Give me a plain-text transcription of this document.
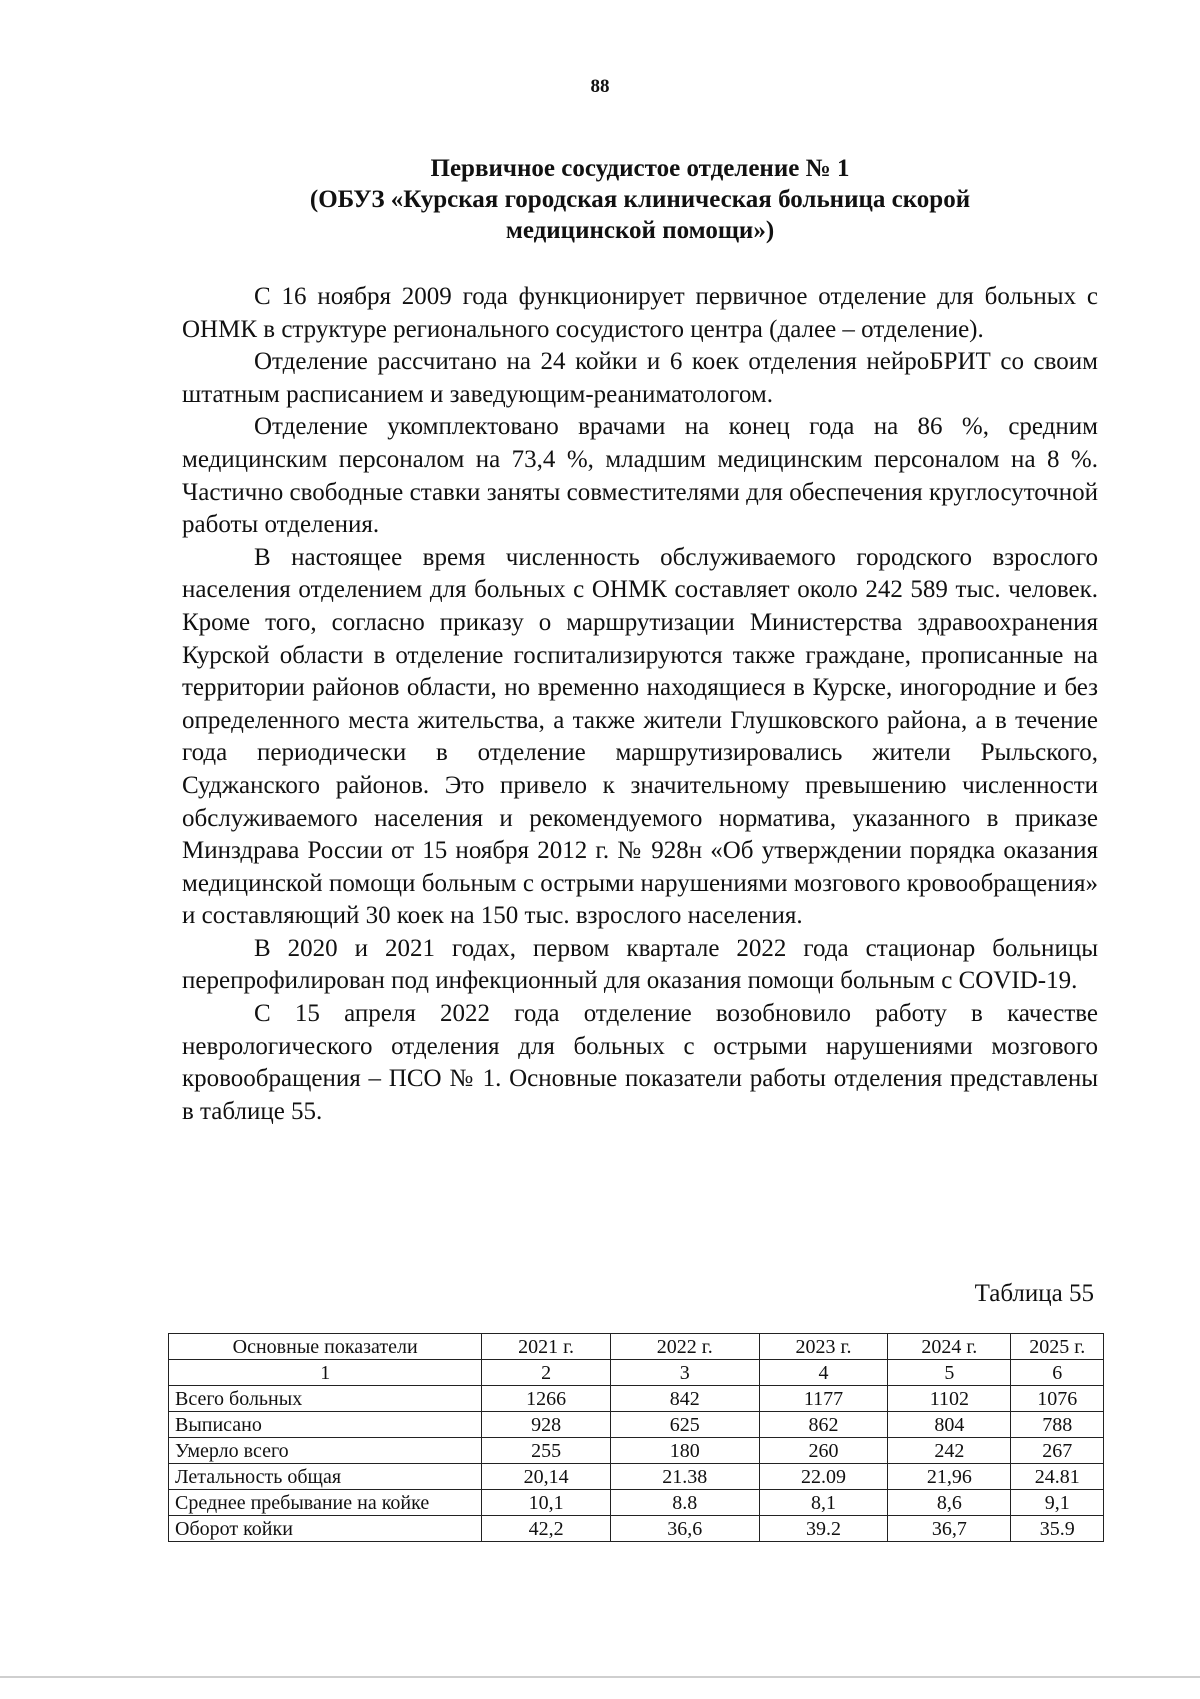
88
Первичное сосудистое отделение № 1
(ОБУЗ «Курская городская клиническая больница скорой
медицинской помощи»)

С 16 ноября 2009 года функционирует первичное отделение для больных с ОНМК в структуре регионального сосудистого центра (далее – отделение).

Отделение рассчитано на 24 койки и 6 коек отделения нейроБРИТ со своим штатным расписанием и заведующим-реаниматологом.

Отделение укомплектовано врачами на конец года на 86 %, средним медицинским персоналом на 73,4 %, младшим медицинским персоналом на 8 %. Частично свободные ставки заняты совместителями для обеспечения круглосуточной работы отделения.

В настоящее время численность обслуживаемого городского взрослого населения отделением для больных с ОНМК составляет около 242 589 тыс. человек. Кроме того, согласно приказу о маршрутизации Министерства здравоохранения Курской области в отделение госпитализируются также граждане, прописанные на территории районов области, но временно находящиеся в Курске, иногородние и без определенного места жительства, а также жители Глушковского района, а в течение года периодически в отделение маршрутизировались жители Рыльского, Суджанского районов. Это привело к значительному превышению численности обслуживаемого населения и рекомендуемого норматива, указанного в приказе Минздрава России от 15 ноября 2012 г. № 928н «Об утверждении порядка оказания медицинской помощи больным с острыми нарушениями мозгового кровообращения» и составляющий 30 коек на 150 тыс. взрослого населения.

В 2020 и 2021 годах, первом квартале 2022 года стационар больницы перепрофилирован под инфекционный для оказания помощи больным с COVID-19.

С 15 апреля 2022 года отделение возобновило работу в качестве неврологического отделения для больных с острыми нарушениями мозгового кровообращения – ПСО № 1. Основные показатели работы отделения представлены в таблице 55.

Таблица 55
Основные показатели	2021 г.	2022 г.	2023 г.	2024 г.	2025 г.
1	2	3	4	5	6
Всего больных	1266	842	1177	1102	1076
Выписано	928	625	862	804	788
Умерло всего	255	180	260	242	267
Летальность общая	20,14	21.38	22.09	21,96	24.81
Среднее пребывание на койке	10,1	8.8	8,1	8,6	9,1
Оборот койки	42,2	36,6	39.2	36,7	35.9
